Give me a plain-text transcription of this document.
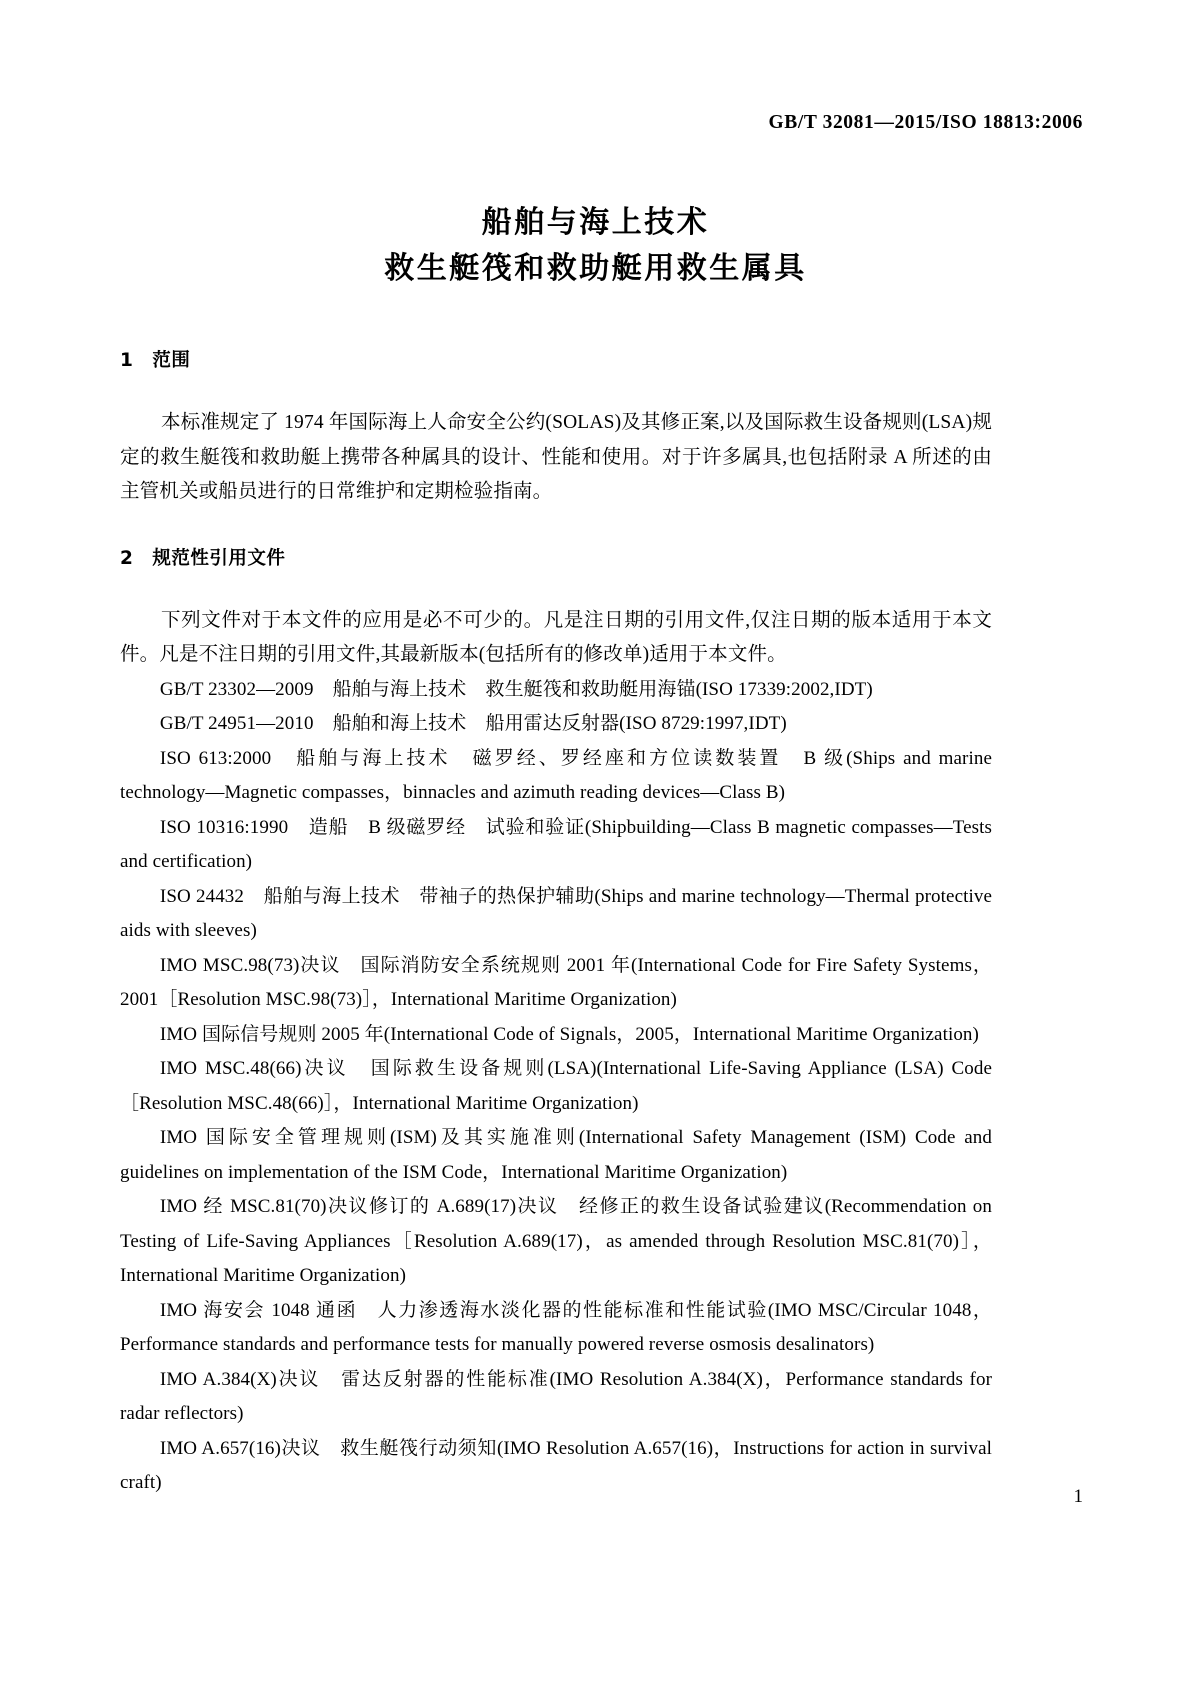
GB/T 32081—2015/ISO 18813:2006
船舶与海上技术
救生艇筏和救助艇用救生属具
1　范围

本标准规定了 1974 年国际海上人命安全公约(SOLAS)及其修正案,以及国际救生设备规则(LSA)规定的救生艇筏和救助艇上携带各种属具的设计、性能和使用。对于许多属具,也包括附录 A 所述的由主管机关或船员进行的日常维护和定期检验指南。

2　规范性引用文件

下列文件对于本文件的应用是必不可少的。凡是注日期的引用文件,仅注日期的版本适用于本文件。凡是不注日期的引用文件,其最新版本(包括所有的修改单)适用于本文件。

GB/T 23302—2009　船舶与海上技术　救生艇筏和救助艇用海锚(ISO 17339:2002,IDT)

GB/T 24951—2010　船舶和海上技术　船用雷达反射器(ISO 8729:1997,IDT)

ISO 613:2000　船舶与海上技术　磁罗经、罗经座和方位读数装置　B 级(Ships and marine technology—Magnetic compasses，binnacles and azimuth reading devices—Class B)

ISO 10316:1990　造船　B 级磁罗经　试验和验证(Shipbuilding—Class B magnetic compasses—Tests and certification)

ISO 24432　船舶与海上技术　带袖子的热保护辅助(Ships and marine technology—Thermal protective aids with sleeves)

IMO MSC.98(73)决议　国际消防安全系统规则 2001 年(International Code for Fire Safety Systems，2001［Resolution MSC.98(73)］，International Maritime Organization)

IMO 国际信号规则 2005 年(International Code of Signals，2005，International Maritime Organization)

IMO MSC.48(66)决议　国际救生设备规则(LSA)(International Life-Saving Appliance (LSA) Code［Resolution MSC.48(66)］，International Maritime Organization)

IMO 国际安全管理规则(ISM)及其实施准则(International Safety Management (ISM) Code and guidelines on implementation of the ISM Code，International Maritime Organization)

IMO 经 MSC.81(70)决议修订的 A.689(17)决议　经修正的救生设备试验建议(Recommendation on Testing of Life-Saving Appliances［Resolution A.689(17)，as amended through Resolution MSC.81(70)］，International Maritime Organization)

IMO 海安会 1048 通函　人力渗透海水淡化器的性能标准和性能试验(IMO MSC/Circular 1048，Performance standards and performance tests for manually powered reverse osmosis desalinators)

IMO A.384(X)决议　雷达反射器的性能标准(IMO Resolution A.384(X)，Performance standards for radar reflectors)

IMO A.657(16)决议　救生艇筏行动须知(IMO Resolution A.657(16)，Instructions for action in survival craft)

1
